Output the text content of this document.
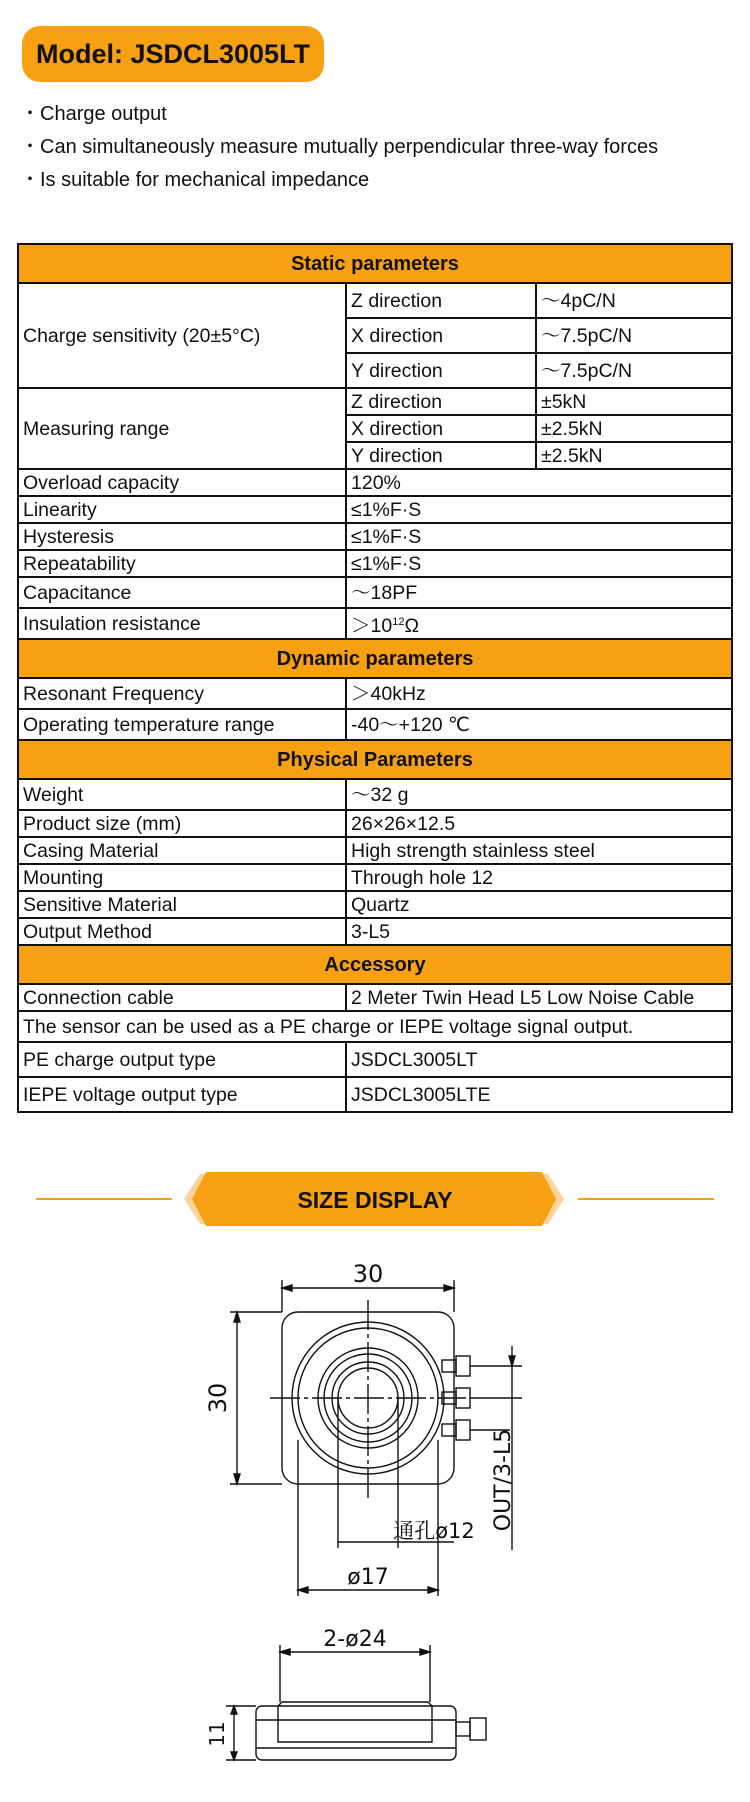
Model: JSDCL3005LT
・Charge output
・Can simultaneously measure mutually perpendicular three-way forces
・Is suitable for mechanical impedance
Static parameters		
Charge sensitivity (20±5°C)	Z direction	～4pC/N
	X direction	～7.5pC/N
	Y direction	～7.5pC/N
Measuring range	Z direction	±5kN
	X direction	±2.5kN
	Y direction	±2.5kN
Overload capacity	120%	
Linearity	≤1%F·S	
Hysteresis	≤1%F·S	
Repeatability	≤1%F·S	
Capacitance	～18PF	
Insulation resistance	$>10^{12}\Omega$	
Dynamic parameters		
Resonant Frequency	＞40kHz	
Operating temperature range	-40～+120 ℃	
Physical Parameters		
Weight	～32 g	
Product size (mm)	26×26×12.5	
Casing Material	High strength stainless steel	
Mounting	Through hole 12	
Sensitive Material	Quartz	
Output Method	3-L5	
Accessory		
Connection cable	2 Meter Twin Head L5 Low Noise Cable	
The sensor can be used as a PE charge or IEPE voltage signal output.		
PE charge output type	JSDCL3005LT	
IEPE voltage output type	JSDCL3005LTE	
SIZE DISPLAY
30
30
OUT/3-L5
通孔ø12
ø17
2-ø24
11
